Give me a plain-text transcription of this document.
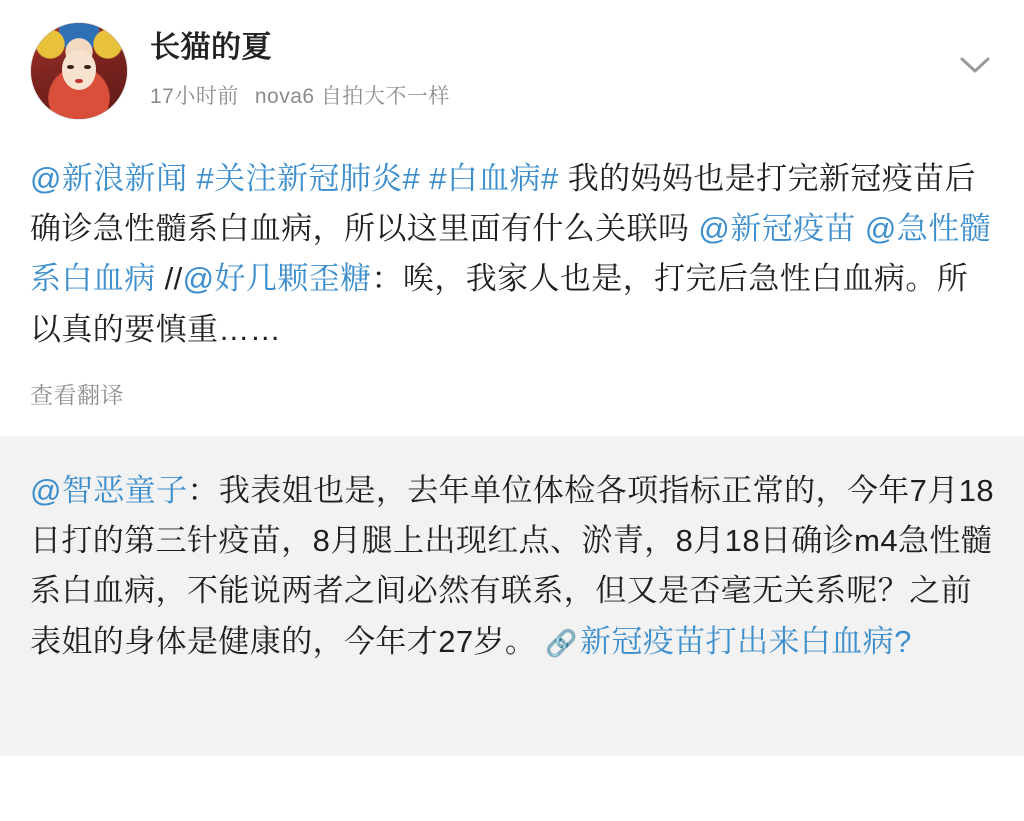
长猫的夏
17小时前 nova6 自拍大不一样
@新浪新闻 #关注新冠肺炎# #白血病# 我的妈妈也是打完新冠疫苗后确诊急性髓系白血病，所以这里面有什么关联吗 @新冠疫苗 @急性髓系白血病 //@好几颗歪糖：唉，我家人也是，打完后急性白血病。所以真的要慎重……
查看翻译
@智恶童子：我表姐也是，去年单位体检各项指标正常的，今年7月18日打的第三针疫苗，8月腿上出现红点、淤青，8月18日确诊m4急性髓系白血病，不能说两者之间必然有联系，但又是否毫无关系呢？之前表姐的身体是健康的，今年才27岁。 🔗新冠疫苗打出来白血病?
